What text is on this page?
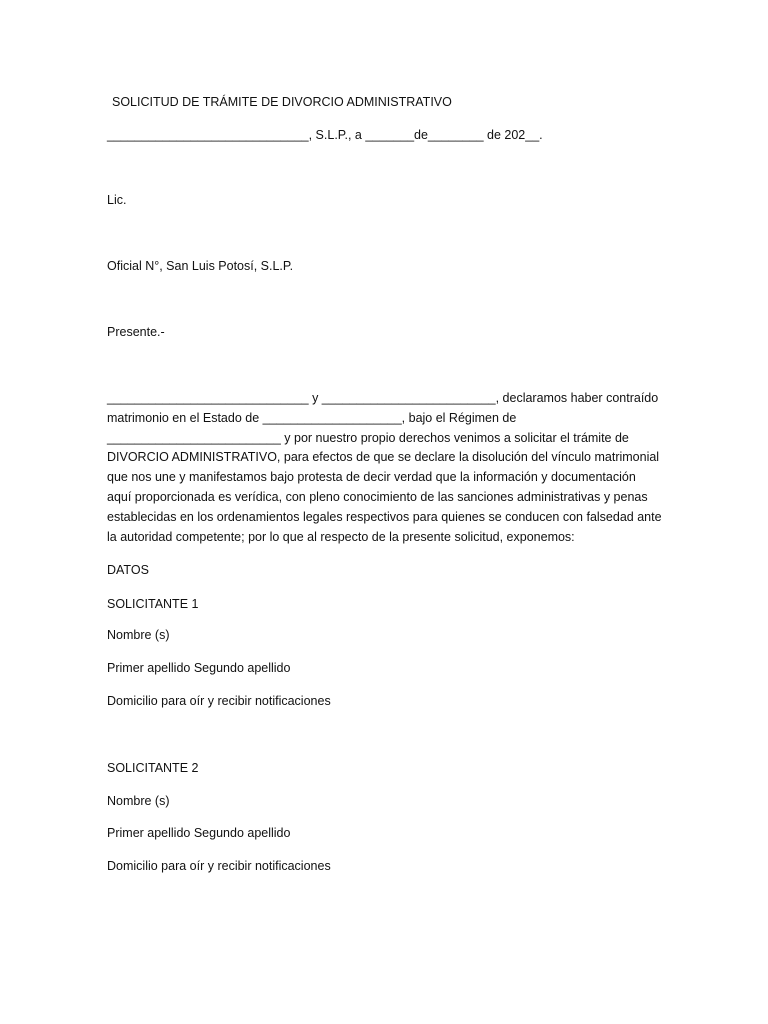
SOLICITUD DE TRÁMITE DE DIVORCIO ADMINISTRATIVO
_____________________________, S.L.P., a _______de________ de 202__.
Lic.
Oficial N°, San Luis Potosí, S.L.P.
Presente.-
_____________________________ y _________________________, declaramos haber contraído
matrimonio en el Estado de ____________________, bajo el Régimen de
_________________________ y por nuestro propio derechos venimos a solicitar el trámite de
DIVORCIO ADMINISTRATIVO, para efectos de que se declare la disolución del vínculo matrimonial
que nos une y manifestamos bajo protesta de decir verdad que la información y documentación
aquí proporcionada es verídica, con pleno conocimiento de las sanciones administrativas y penas
establecidas en los ordenamientos legales respectivos para quienes se conducen con falsedad ante
la autoridad competente; por lo que al respecto de la presente solicitud, exponemos:
DATOS
SOLICITANTE 1
Nombre (s)
Primer apellido Segundo apellido
Domicilio para oír y recibir notificaciones
SOLICITANTE 2
Nombre (s)
Primer apellido Segundo apellido
Domicilio para oír y recibir notificaciones
